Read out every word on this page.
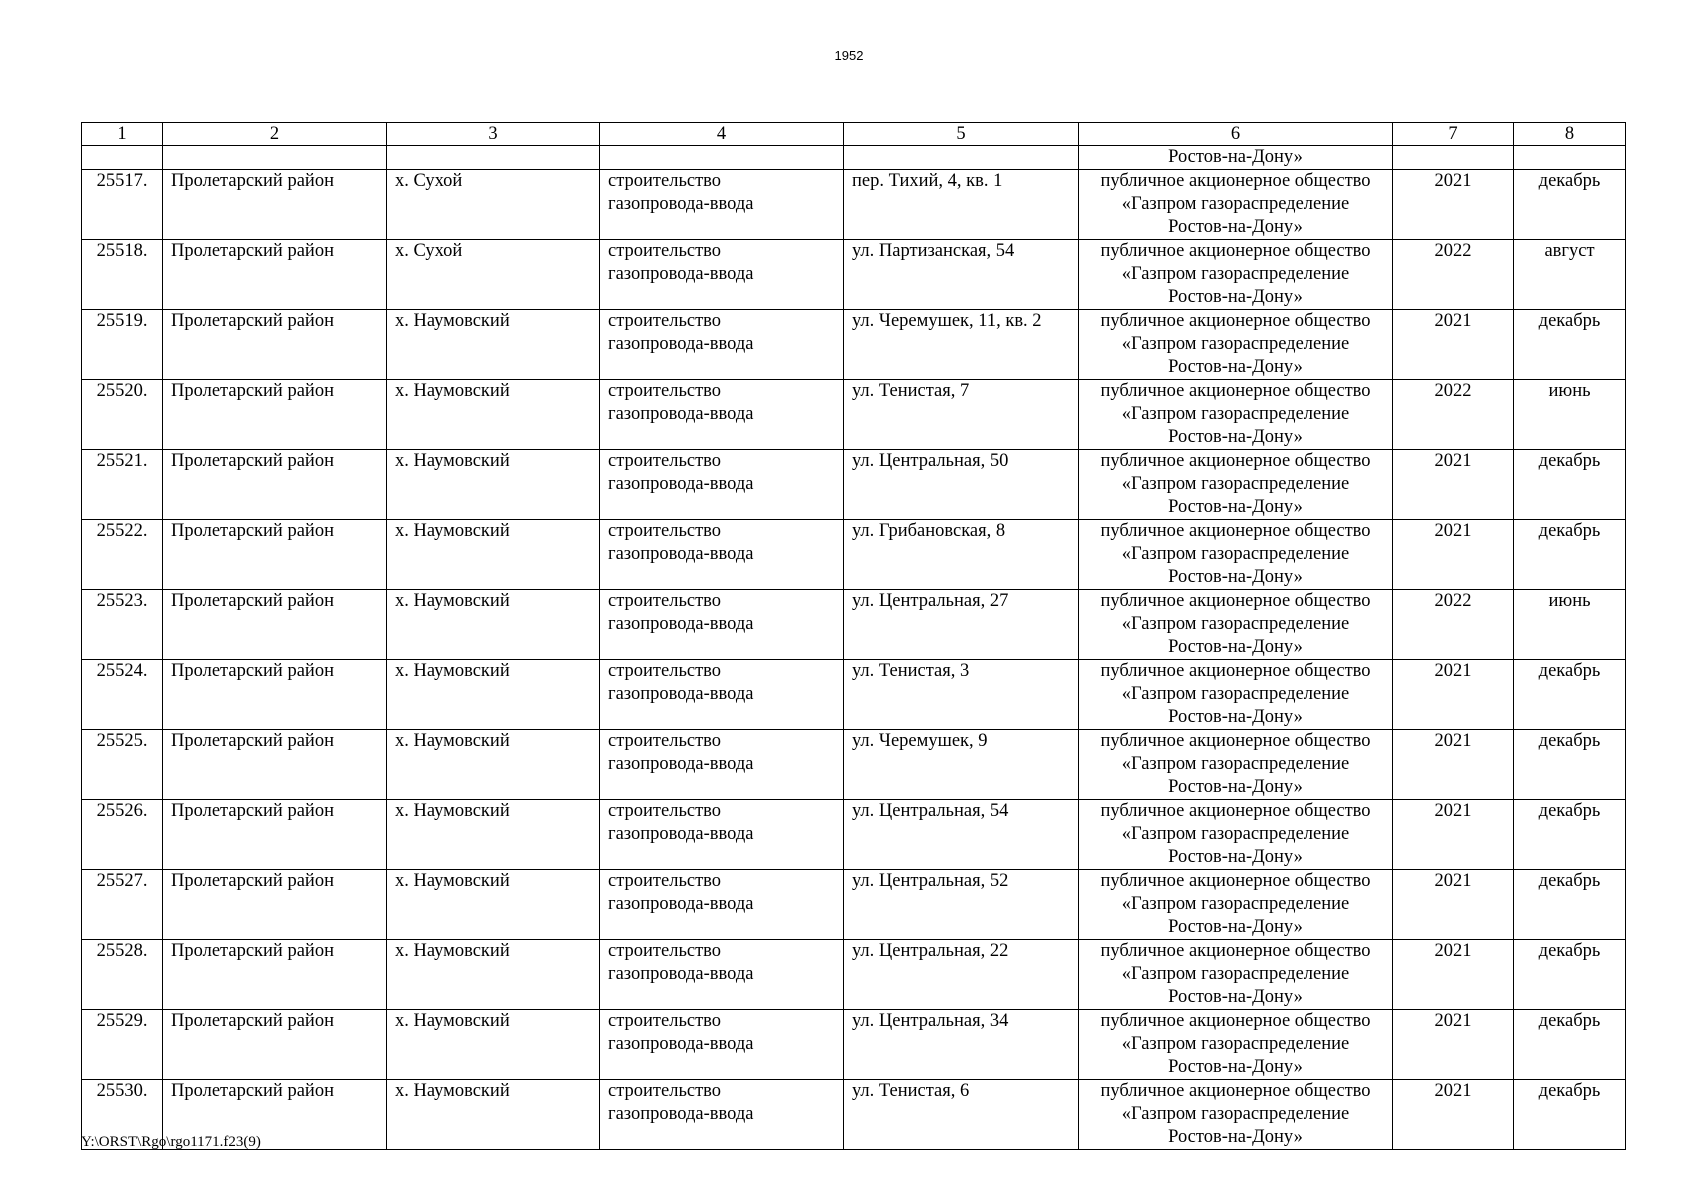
1952
1	2	3	4	5	6	7	8
					Ростов-на-Дону»		
25517.	Пролетарский район	х. Сухой	строительство
газопровода-ввода	пер. Тихий, 4, кв. 1	публичное акционерное общество
«Газпром газораспределение
Ростов-на-Дону»	2021	декабрь
25518.	Пролетарский район	х. Сухой	строительство
газопровода-ввода	ул. Партизанская, 54	публичное акционерное общество
«Газпром газораспределение
Ростов-на-Дону»	2022	август
25519.	Пролетарский район	х. Наумовский	строительство
газопровода-ввода	ул. Черемушек, 11, кв. 2	публичное акционерное общество
«Газпром газораспределение
Ростов-на-Дону»	2021	декабрь
25520.	Пролетарский район	х. Наумовский	строительство
газопровода-ввода	ул. Тенистая, 7	публичное акционерное общество
«Газпром газораспределение
Ростов-на-Дону»	2022	июнь
25521.	Пролетарский район	х. Наумовский	строительство
газопровода-ввода	ул. Центральная, 50	публичное акционерное общество
«Газпром газораспределение
Ростов-на-Дону»	2021	декабрь
25522.	Пролетарский район	х. Наумовский	строительство
газопровода-ввода	ул. Грибановская, 8	публичное акционерное общество
«Газпром газораспределение
Ростов-на-Дону»	2021	декабрь
25523.	Пролетарский район	х. Наумовский	строительство
газопровода-ввода	ул. Центральная, 27	публичное акционерное общество
«Газпром газораспределение
Ростов-на-Дону»	2022	июнь
25524.	Пролетарский район	х. Наумовский	строительство
газопровода-ввода	ул. Тенистая, 3	публичное акционерное общество
«Газпром газораспределение
Ростов-на-Дону»	2021	декабрь
25525.	Пролетарский район	х. Наумовский	строительство
газопровода-ввода	ул. Черемушек, 9	публичное акционерное общество
«Газпром газораспределение
Ростов-на-Дону»	2021	декабрь
25526.	Пролетарский район	х. Наумовский	строительство
газопровода-ввода	ул. Центральная, 54	публичное акционерное общество
«Газпром газораспределение
Ростов-на-Дону»	2021	декабрь
25527.	Пролетарский район	х. Наумовский	строительство
газопровода-ввода	ул. Центральная, 52	публичное акционерное общество
«Газпром газораспределение
Ростов-на-Дону»	2021	декабрь
25528.	Пролетарский район	х. Наумовский	строительство
газопровода-ввода	ул. Центральная, 22	публичное акционерное общество
«Газпром газораспределение
Ростов-на-Дону»	2021	декабрь
25529.	Пролетарский район	х. Наумовский	строительство
газопровода-ввода	ул. Центральная, 34	публичное акционерное общество
«Газпром газораспределение
Ростов-на-Дону»	2021	декабрь
25530.	Пролетарский район	х. Наумовский	строительство
газопровода-ввода	ул. Тенистая, 6	публичное акционерное общество
«Газпром газораспределение
Ростов-на-Дону»	2021	декабрь
Y:\ORST\Rgo\rgo1171.f23(9)
